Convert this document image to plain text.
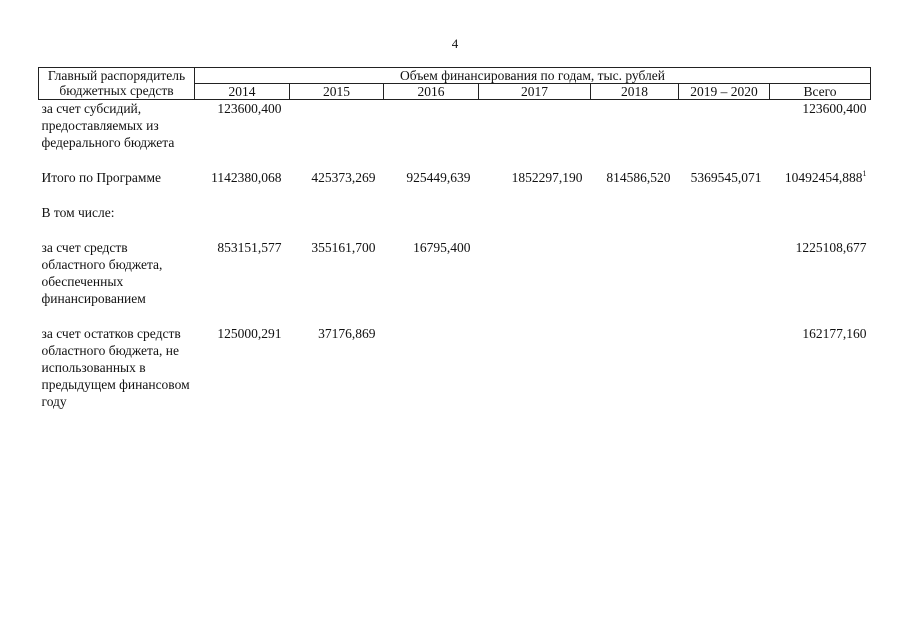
4
Главный распорядитель бюджетных средств	Объем финансирования по годам, тыс. рублей						
	2014	2015	2016	2017	2018	2019 – 2020	Всего
за счет субсидий, предоставляемых из федерального бюджета	123600,400						123600,400

Итого по Программе	1142380,068	425373,269	925449,639	1852297,190	814586,520	5369545,071	10492454,888$^1$

В том числе:							

за счет средств областного бюджета, обеспеченных финансированием	853151,577	355161,700	16795,400				1225108,677

за счет остатков средств областного бюджета, не использованных в предыдущем финансовом году	125000,291	37176,869					162177,160
